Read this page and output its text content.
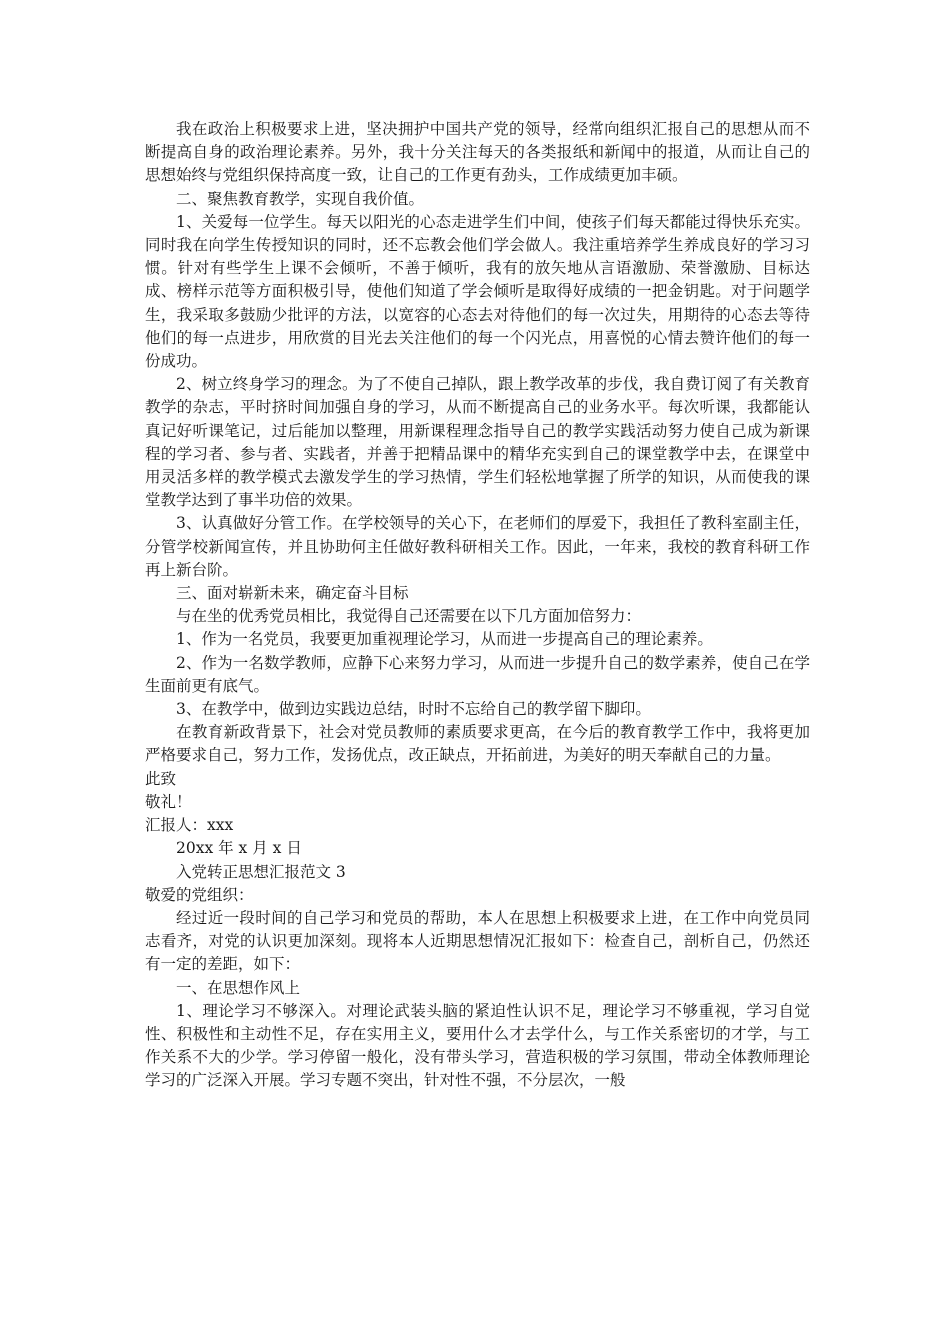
我在政治上积极要求上进，坚决拥护中国共产党的领导，经常向组织汇报自己的思想从而不断提高自身的政治理论素养。另外，我十分关注每天的各类报纸和新闻中的报道，从而让自己的思想始终与党组织保持高度一致，让自己的工作更有劲头，工作成绩更加丰硕。

二、聚焦教育教学，实现自我价值。

1、关爱每一位学生。每天以阳光的心态走进学生们中间，使孩子们每天都能过得快乐充实。同时我在向学生传授知识的同时，还不忘教会他们学会做人。我注重培养学生养成良好的学习习惯。针对有些学生上课不会倾听，不善于倾听，我有的放矢地从言语激励、荣誉激励、目标达成、榜样示范等方面积极引导，使他们知道了学会倾听是取得好成绩的一把金钥匙。对于问题学生，我采取多鼓励少批评的方法，以宽容的心态去对待他们的每一次过失，用期待的心态去等待他们的每一点进步，用欣赏的目光去关注他们的每一个闪光点，用喜悦的心情去赞许他们的每一份成功。

2、树立终身学习的理念。为了不使自己掉队，跟上教学改革的步伐，我自费订阅了有关教育教学的杂志，平时挤时间加强自身的学习，从而不断提高自己的业务水平。每次听课，我都能认真记好听课笔记，过后能加以整理，用新课程理念指导自己的教学实践活动努力使自己成为新课程的学习者、参与者、实践者，并善于把精品课中的精华充实到自己的课堂教学中去，在课堂中用灵活多样的教学模式去激发学生的学习热情，学生们轻松地掌握了所学的知识，从而使我的课堂教学达到了事半功倍的效果。

3、认真做好分管工作。在学校领导的关心下，在老师们的厚爱下，我担任了教科室副主任，分管学校新闻宣传，并且协助何主任做好教科研相关工作。因此，一年来，我校的教育科研工作再上新台阶。

三、面对崭新未来，确定奋斗目标

与在坐的优秀党员相比，我觉得自己还需要在以下几方面加倍努力：

1、作为一名党员，我要更加重视理论学习，从而进一步提高自己的理论素养。

2、作为一名数学教师，应静下心来努力学习，从而进一步提升自己的数学素养，使自己在学生面前更有底气。

3、在教学中，做到边实践边总结，时时不忘给自己的教学留下脚印。

在教育新政背景下，社会对党员教师的素质要求更高，在今后的教育教学工作中，我将更加严格要求自己，努力工作，发扬优点，改正缺点，开拓前进，为美好的明天奉献自己的力量。

此致

敬礼！

汇报人：xxx

20xx 年 x 月 x 日

入党转正思想汇报范文 3

敬爱的党组织：

经过近一段时间的自己学习和党员的帮助，本人在思想上积极要求上进，在工作中向党员同志看齐，对党的认识更加深刻。现将本人近期思想情况汇报如下：检查自己，剖析自己，仍然还有一定的差距，如下：

一、在思想作风上

1、理论学习不够深入。对理论武装头脑的紧迫性认识不足，理论学习不够重视，学习自觉性、积极性和主动性不足，存在实用主义，要用什么才去学什么，与工作关系密切的才学，与工作关系不大的少学。学习停留一般化，没有带头学习，营造积极的学习氛围，带动全体教师理论学习的广泛深入开展。学习专题不突出，针对性不强，不分层次，一般
